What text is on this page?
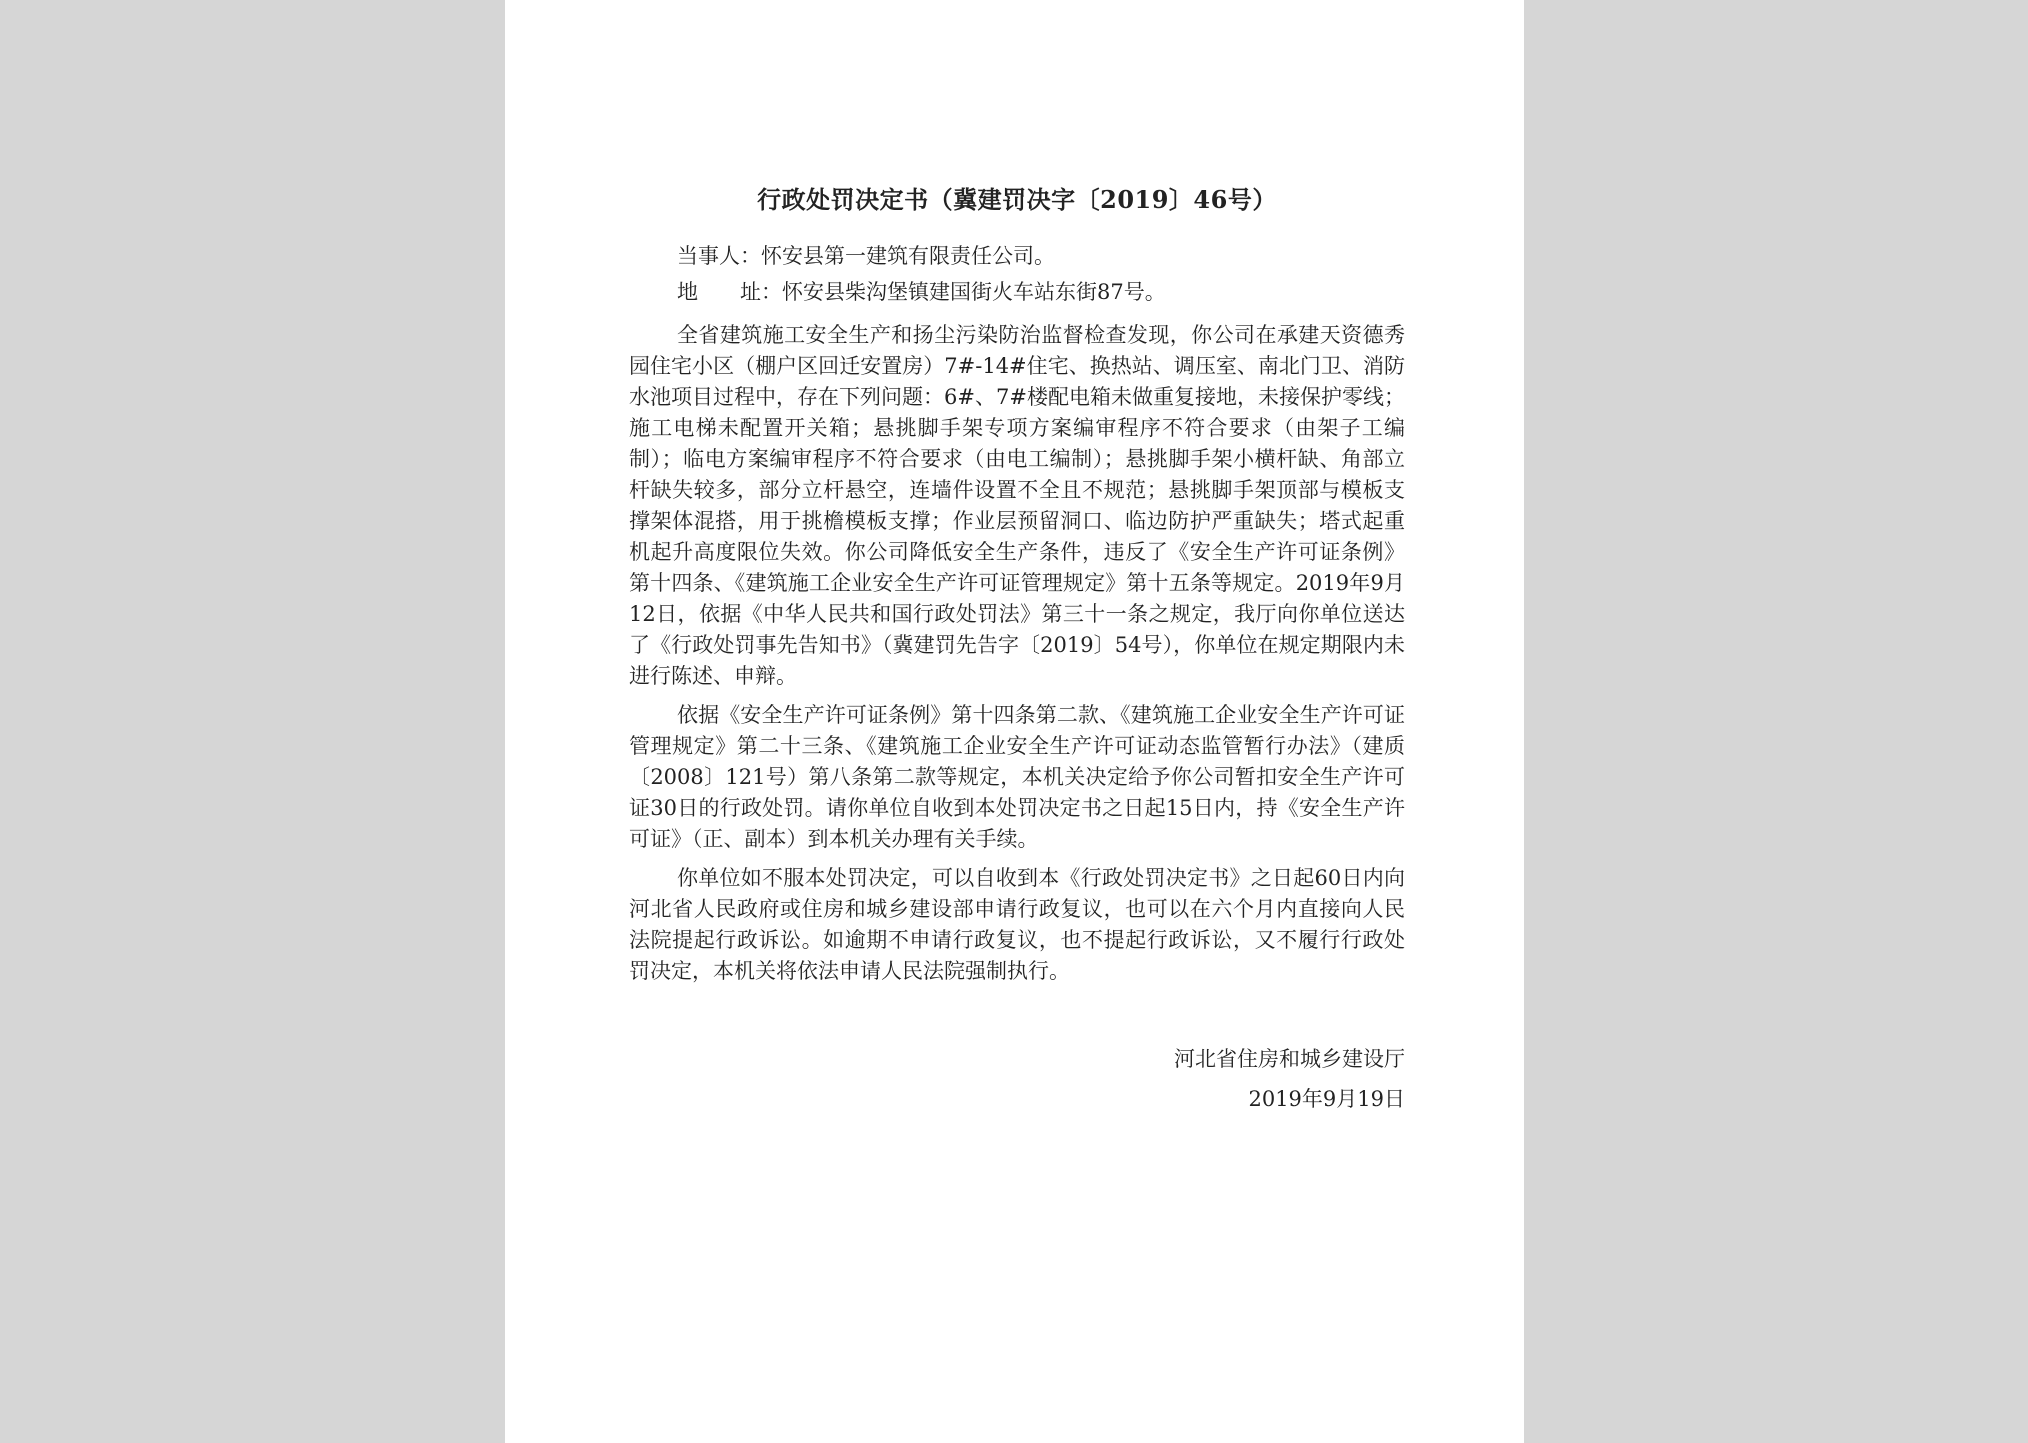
行政处罚决定书（冀建罚决字〔2019〕46号）

当事人：怀安县第一建筑有限责任公司。

地　　址：怀安县柴沟堡镇建国街火车站东街87号。

全省建筑施工安全生产和扬尘污染防治监督检查发现，你公司在承建天资德秀园住宅小区（棚户区回迁安置房）7#-14#住宅、换热站、调压室、南北门卫、消防水池项目过程中，存在下列问题：6#、7#楼配电箱未做重复接地，未接保护零线；施工电梯未配置开关箱；悬挑脚手架专项方案编审程序不符合要求（由架子工编制）；临电方案编审程序不符合要求（由电工编制）；悬挑脚手架小横杆缺、角部立杆缺失较多，部分立杆悬空，连墙件设置不全且不规范；悬挑脚手架顶部与模板支撑架体混搭，用于挑檐模板支撑；作业层预留洞口、临边防护严重缺失；塔式起重机起升高度限位失效。你公司降低安全生产条件，违反了《安全生产许可证条例》第十四条、《建筑施工企业安全生产许可证管理规定》第十五条等规定。2019年9月12日，依据《中华人民共和国行政处罚法》第三十一条之规定，我厅向你单位送达了《行政处罚事先告知书》（冀建罚先告字〔2019〕54号），你单位在规定期限内未进行陈述、申辩。

依据《安全生产许可证条例》第十四条第二款、《建筑施工企业安全生产许可证管理规定》第二十三条、《建筑施工企业安全生产许可证动态监管暂行办法》（建质〔2008〕121号）第八条第二款等规定，本机关决定给予你公司暂扣安全生产许可证30日的行政处罚。请你单位自收到本处罚决定书之日起15日内，持《安全生产许可证》（正、副本）到本机关办理有关手续。

你单位如不服本处罚决定，可以自收到本《行政处罚决定书》之日起60日内向河北省人民政府或住房和城乡建设部申请行政复议，也可以在六个月内直接向人民法院提起行政诉讼。如逾期不申请行政复议，也不提起行政诉讼，又不履行行政处罚决定，本机关将依法申请人民法院强制执行。

河北省住房和城乡建设厅
2019年9月19日
